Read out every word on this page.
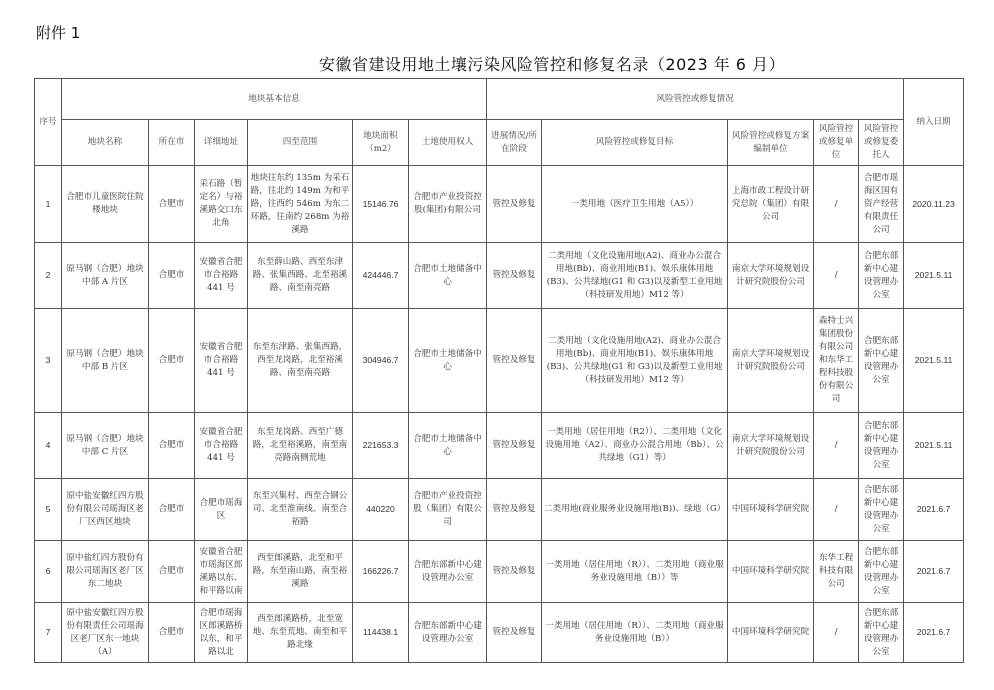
附件 1
安徽省建设用地土壤污染风险管控和修复名录（2023 年 6 月）
序号	地块基本信息						风险管控或修复情况					纳入日期
	地块名称	所在市	详细地址	四至范围	地块面积（m2）	土地使用权人	进展情况/所在阶段	风险管控或修复目标	风险管控或修复方案编制单位	风险管控或修复单位	风险管控或修复委托人	
1	合肥市儿童医院住院楼地块	合肥市	采石路（暂定名）与裕溪路交口东北角	地块往东约 135m 为采石路，往北约 149m 为和平路，往西约 546m 为东二环路，往南约 268m 为裕溪路	15146.76	合肥市产业投资控股(集团)有限公司	管控及修复	一类用地（医疗卫生用地（A5））	上海市政工程设计研究总院（集团）有限公司	/	合肥市瑶海区国有资产经营有限责任公司	2020.11.23
2	原马钢（合肥）地块中部 A 片区	合肥市	安徽省合肥市合裕路 441 号	东至薛山路、西至东津路、张集西路、北至裕溪路、南至南亮路	424446.7	合肥市土地储备中心	管控及修复	二类用地（文化设施用地(A2)、商业办公混合用地(Bb)、商业用地(B1)、娱乐康体用地(B3)、公共绿地(G1 和 G3)以及新型工业用地（科技研发用地）M12 等）	南京大学环境规划设计研究院股份公司	/	合肥东部新中心建设管理办公室	2021.5.11
3	原马钢（合肥）地块中部 B 片区	合肥市	安徽省合肥市合裕路 441 号	东至东津路、张集西路，西至龙岗路，北至裕溪路、南至南亮路	304946.7	合肥市土地储备中心	管控及修复	二类用地（文化设施用地(A2)、商业办公混合用地(Bb)、商业用地(B1)、娱乐康体用地(B3)、公共绿地(G1 和 G3)以及新型工业用地（科技研发用地）M12 等）	南京大学环境规划设计研究院股份公司	森特士兴集团股份有限公司和东华工程科技股份有限公司	合肥东部新中心建设管理办公室	2021.5.11
4	原马钢（合肥）地块中部 C 片区	合肥市	安徽省合肥市合裕路 441 号	东至龙岗路、西至广德路，北至裕溪路，南至南亮路南侧荒地	221653.3	合肥市土地储备中心	管控及修复	一类用地（居住用地（R2））、二类用地（文化设施用地（A2）、商业办公混合用地（Bb）、公共绿地（G1）等）	南京大学环境规划设计研究院股份公司	/	合肥东部新中心建设管理办公室	2021.5.11
5	原中盐安徽红四方股份有限公司瑶海区老厂区西区地块	合肥市	合肥市瑶海区	东至兴集村、西至合钢公司、北至淮南线、南至合裕路	440220	合肥市产业投资控股（集团）有限公司	管控及修复	二类用地(商业服务业设施用地(B))、绿地（G）	中国环境科学研究院	/	合肥东部新中心建设管理办公室	2021.6.7
6	原中盐红四方股份有限公司瑶海区老厂区东二地块	合肥市	安徽省合肥市瑶海区郎溪路以东、和平路以南	西至郎溪路，北至和平路，东至南山路，南至裕溪路	166226.7	合肥东部新中心建设管理办公室	管控及修复	一类用地（居住用地（R））、二类用地（商业服务业设施用地（B））等	中国环境科学研究院	东华工程科技有限公司	合肥东部新中心建设管理办公室	2021.6.7
7	原中盐安徽红四方股份有限责任公司瑶海区老厂区东一地块（A）	合肥市	合肥市瑶海区郎溪路桥以东，和平路以北	西至郎溪路桥，北至宽地、东至荒地、南至和平路北缘	114438.1	合肥东部新中心建设管理办公室	管控及修复	一类用地（居住用地（R））、二类用地（商业服务业设施用地（B））	中国环境科学研究院	/	合肥东部新中心建设管理办公室	2021.6.7
